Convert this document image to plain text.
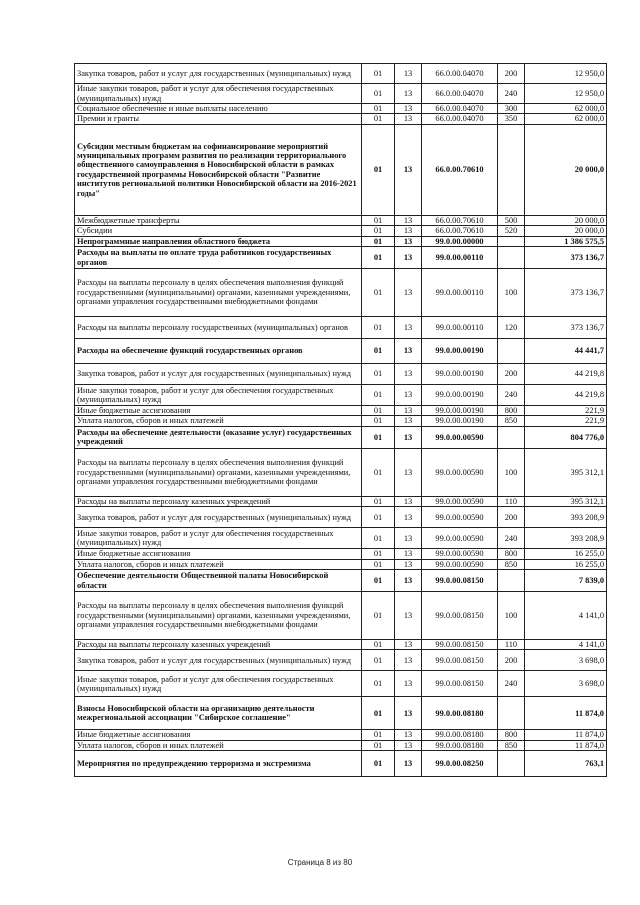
Закупка товаров, работ и услуг для государственных (муниципальных) нужд	01	13	66.0.00.04070	200	12 950,0
Иные закупки товаров, работ и услуг для обеспечения государственных (муниципальных) нужд	01	13	66.0.00.04070	240	12 950,0
Социальное обеспечение и иные выплаты населению	01	13	66.0.00.04070	300	62 000,0
Премии и гранты	01	13	66.0.00.04070	350	62 000,0
Субсидии местным бюджетам на софинансирование мероприятий муниципальных программ развития по реализации территориального общественного самоуправления в Новосибирской области в рамках государственной программы Новосибирской области "Развитие институтов региональной политики Новосибирской области на 2016-2021 годы"	01	13	66.0.00.70610		20 000,0
Межбюджетные трансферты	01	13	66.0.00.70610	500	20 000,0
Субсидии	01	13	66.0.00.70610	520	20 000,0
Непрограммные направления областного бюджета	01	13	99.0.00.00000		1 386 575,5
Расходы на выплаты по оплате труда работников государственных органов	01	13	99.0.00.00110		373 136,7
Расходы на выплаты персоналу в целях обеспечения выполнения функций государственными (муниципальными) органами, казенными учреждениями, органами управления государственными внебюджетными фондами	01	13	99.0.00.00110	100	373 136,7
Расходы на выплаты персоналу государственных (муниципальных) органов	01	13	99.0.00.00110	120	373 136,7
Расходы на обеспечение функций государственных органов	01	13	99.0.00.00190		44 441,7
Закупка товаров, работ и услуг для государственных (муниципальных) нужд	01	13	99.0.00.00190	200	44 219,8
Иные закупки товаров, работ и услуг для обеспечения государственных (муниципальных) нужд	01	13	99.0.00.00190	240	44 219,8
Иные бюджетные ассигнования	01	13	99.0.00.00190	800	221,9
Уплата налогов, сборов и иных платежей	01	13	99.0.00.00190	850	221,9
Расходы на обеспечение деятельности (оказание услуг) государственных учреждений	01	13	99.0.00.00590		804 776,0
Расходы на выплаты персоналу в целях обеспечения выполнения функций государственными (муниципальными) органами, казенными учреждениями, органами управления государственными внебюджетными фондами	01	13	99.0.00.00590	100	395 312,1
Расходы на выплаты персоналу казенных учреждений	01	13	99.0.00.00590	110	395 312,1
Закупка товаров, работ и услуг для государственных (муниципальных) нужд	01	13	99.0.00.00590	200	393 208,9
Иные закупки товаров, работ и услуг для обеспечения государственных (муниципальных) нужд	01	13	99.0.00.00590	240	393 208,9
Иные бюджетные ассигнования	01	13	99.0.00.00590	800	16 255,0
Уплата налогов, сборов и иных платежей	01	13	99.0.00.00590	850	16 255,0
Обеспечение деятельности Общественной палаты Новосибирской области	01	13	99.0.00.08150		7 839,0
Расходы на выплаты персоналу в целях обеспечения выполнения функций государственными (муниципальными) органами, казенными учреждениями, органами управления государственными внебюджетными фондами	01	13	99.0.00.08150	100	4 141,0
Расходы на выплаты персоналу казенных учреждений	01	13	99.0.00.08150	110	4 141,0
Закупка товаров, работ и услуг для государственных (муниципальных) нужд	01	13	99.0.00.08150	200	3 698,0
Иные закупки товаров, работ и услуг для обеспечения государственных (муниципальных) нужд	01	13	99.0.00.08150	240	3 698,0
Взносы Новосибирской области на организацию деятельности межрегиональной ассоциации "Сибирское соглашение"	01	13	99.0.00.08180		11 874,0
Иные бюджетные ассигнования	01	13	99.0.00.08180	800	11 874,0
Уплата налогов, сборов и иных платежей	01	13	99.0.00.08180	850	11 874,0
Мероприятия по предупреждению терроризма и экстремизма	01	13	99.0.00.08250		763,1
Страница 8 из 80
